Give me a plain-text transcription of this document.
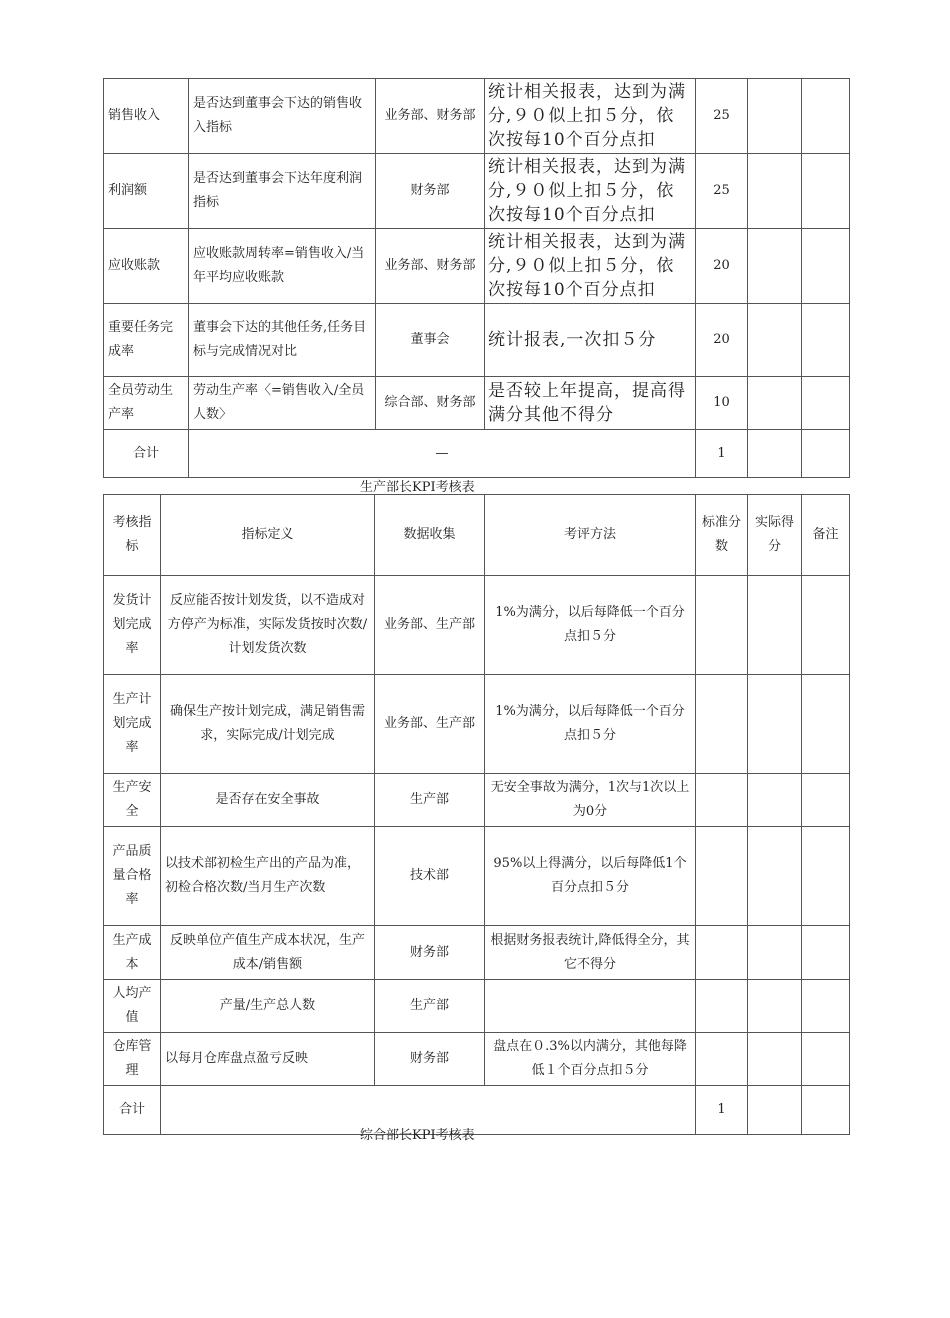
销售收入	是否达到董事会下达的销售收入指标	业务部、财务部	统计相关报表，达到为满分,９０似上扣５分，依次按每10个百分点扣	25		
利润额	是否达到董事会下达年度利润指标	财务部	统计相关报表，达到为满分,９０似上扣５分，依次按每10个百分点扣	25		
应收账款	应收账款周转率=销售收入/当年平均应收账款	业务部、财务部	统计相关报表，达到为满分,９０似上扣５分，依次按每10个百分点扣	20		
重要任务完成率	董事会下达的其他任务,任务目标与完成情况对比	董事会	统计报表,一次扣５分	20		
全员劳动生产率	劳动生产率〈=销售收入/全员人数〉	综合部、财务部	是否较上年提高，提高得满分其他不得分	10		
合计	—			1		
生产部长KPI考核表
考核指标	指标定义	数据收集	考评方法	标准分数	实际得分	备注
发货计划完成率	反应能否按计划发货，以不造成对方停产为标准，实际发货按时次数/计划发货次数	业务部、生产部	1%为满分，以后每降低一个百分点扣５分			
生产计划完成率	确保生产按计划完成，满足销售需求，实际完成/计划完成	业务部、生产部	1%为满分，以后每降低一个百分点扣５分			
生产安全	是否存在安全事故	生产部	无安全事故为满分，1次与1次以上为0分			
产品质量合格率	以技术部初检生产出的产品为准，初检合格次数/当月生产次数	技术部	95%以上得满分，以后每降低1个百分点扣５分			
生产成本	反映单位产值生产成本状况，生产成本/销售额	财务部	根据财务报表统计,降低得全分，其它不得分			
人均产值	产量/生产总人数	生产部				
仓库管理	以每月仓库盘点盈亏反映	财务部	盘点在０.3%以内满分，其他每降低１个百分点扣５分			
合计				1		
综合部长KPI考核表
